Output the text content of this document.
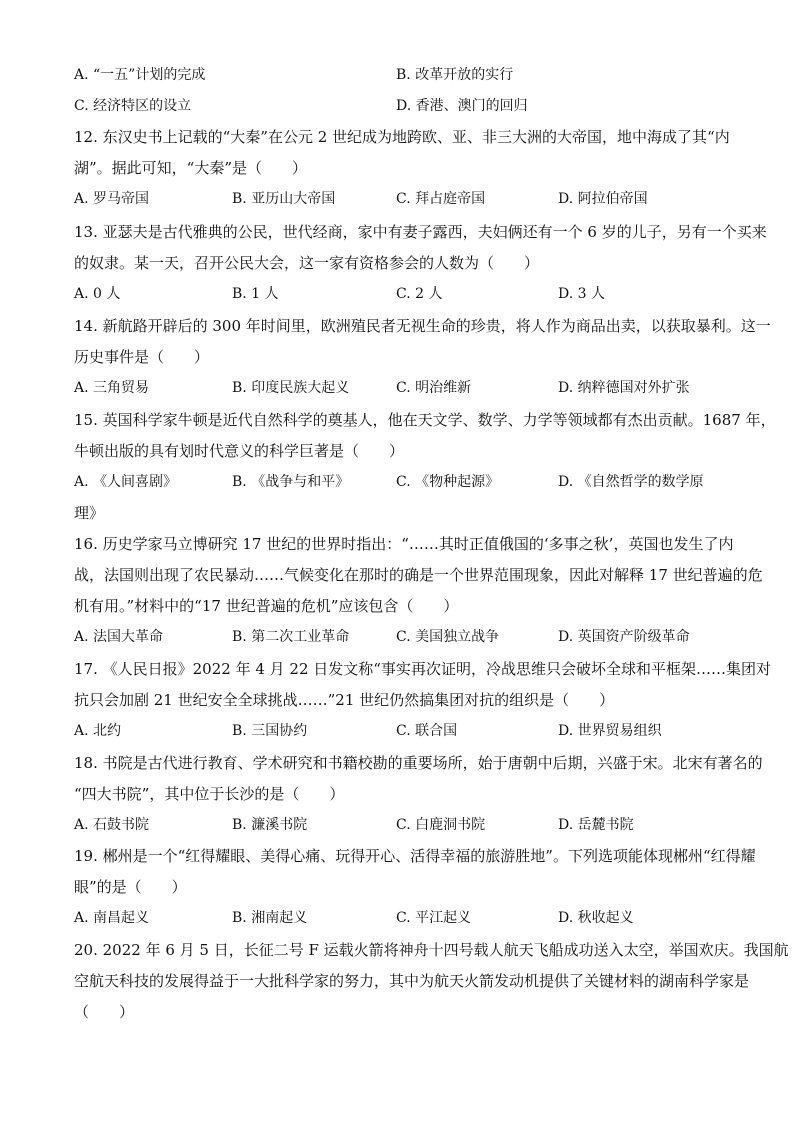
A. “一五”计划的完成	B. 改革开放的实行
C. 经济特区的设立	D. 香港、澳门的回归
12. 东汉史书上记载的“大秦”在公元 2 世纪成为地跨欧、亚、非三大洲的大帝国，地中海成了其“内
湖”。据此可知，“大秦”是（　　）
A. 罗马帝国	B. 亚历山大帝国	C. 拜占庭帝国	D. 阿拉伯帝国
13. 亚瑟夫是古代雅典的公民，世代经商，家中有妻子露西，夫妇俩还有一个 6 岁的儿子，另有一个买来
的奴隶。某一天，召开公民大会，这一家有资格参会的人数为（　　）
A. 0 人	B. 1 人	C. 2 人	D. 3 人
14. 新航路开辟后的 300 年时间里，欧洲殖民者无视生命的珍贵，将人作为商品出卖，以获取暴利。这一
历史事件是（　　）
A. 三角贸易	B. 印度民族大起义	C. 明治维新	D. 纳粹德国对外扩张
15. 英国科学家牛顿是近代自然科学的奠基人，他在天文学、数学、力学等领域都有杰出贡献。1687 年，
牛顿出版的具有划时代意义的科学巨著是（　　）
A. 《人间喜剧》	B. 《战争与和平》	C. 《物种起源》	D. 《自然哲学的数学原
理》
16. 历史学家马立博研究 17 世纪的世界时指出：“……其时正值俄国的‘多事之秋’，英国也发生了内
战，法国则出现了农民暴动……气候变化在那时的确是一个世界范围现象，因此对解释 17 世纪普遍的危
机有用。”材料中的“17 世纪普遍的危机”应该包含（　　）
A. 法国大革命	B. 第二次工业革命	C. 美国独立战争	D. 英国资产阶级革命
17. 《人民日报》2022 年 4 月 22 日发文称“事实再次证明，冷战思维只会破坏全球和平框架……集团对
抗只会加剧 21 世纪安全全球挑战……”21 世纪仍然搞集团对抗的组织是（　　）
A. 北约	B. 三国协约	C. 联合国	D. 世界贸易组织
18. 书院是古代进行教育、学术研究和书籍校勘的重要场所，始于唐朝中后期，兴盛于宋。北宋有著名的
“四大书院”，其中位于长沙的是（　　）
A. 石鼓书院	B. 濂溪书院	C. 白鹿洞书院	D. 岳麓书院
19. 郴州是一个“红得耀眼、美得心痛、玩得开心、活得幸福的旅游胜地”。下列选项能体现郴州“红得耀
眼”的是（　　）
A. 南昌起义	B. 湘南起义	C. 平江起义	D. 秋收起义
20. 2022 年 6 月 5 日，长征二号 F 运载火箭将神舟十四号载人航天飞船成功送入太空，举国欢庆。我国航
空航天科技的发展得益于一大批科学家的努力，其中为航天火箭发动机提供了关键材料的湖南科学家是
（　　）
